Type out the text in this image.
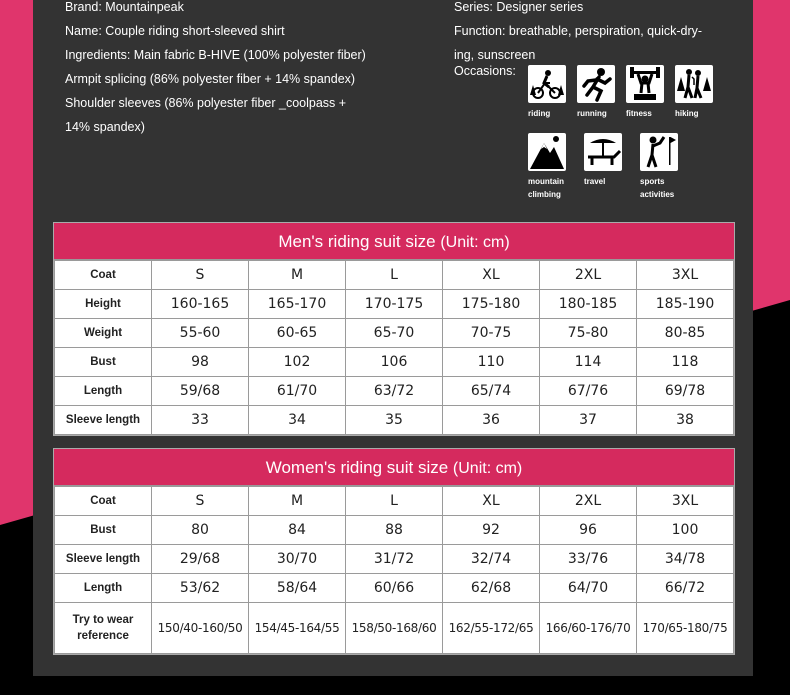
Brand: Mountainpeak
Name: Couple riding short-sleeved shirt
Ingredients: Main fabric B-HIVE (100% polyester fiber)
Armpit splicing (86% polyester fiber + 14% spandex)
Shoulder sleeves (86% polyester fiber _coolpass +
14% spandex)
Series: Designer series
Function: breathable, perspiration, quick-dry-
ing, sunscreen
Occasions:
riding	running	fitness	hiking
mountain
climbing
travel	sports
activities
Men's riding suit size (Unit: cm)
Coat	S	M	L	XL	2XL	3XL
Height	160-165	165-170	170-175	175-180	180-185	185-190
Weight	55-60	60-65	65-70	70-75	75-80	80-85
Bust	98	102	106	110	114	118
Length	59/68	61/70	63/72	65/74	67/76	69/78
Sleeve length	33	34	35	36	37	38
Women's riding suit size (Unit: cm)
Coat	S	M	L	XL	2XL	3XL
Bust	80	84	88	92	96	100
Sleeve length	29/68	30/70	31/72	32/74	33/76	34/78
Length	53/62	58/64	60/66	62/68	64/70	66/72

Try to wear
reference	150/40-160/50	154/45-164/55	158/50-168/60	162/55-172/65	166/60-176/70	170/65-180/75
